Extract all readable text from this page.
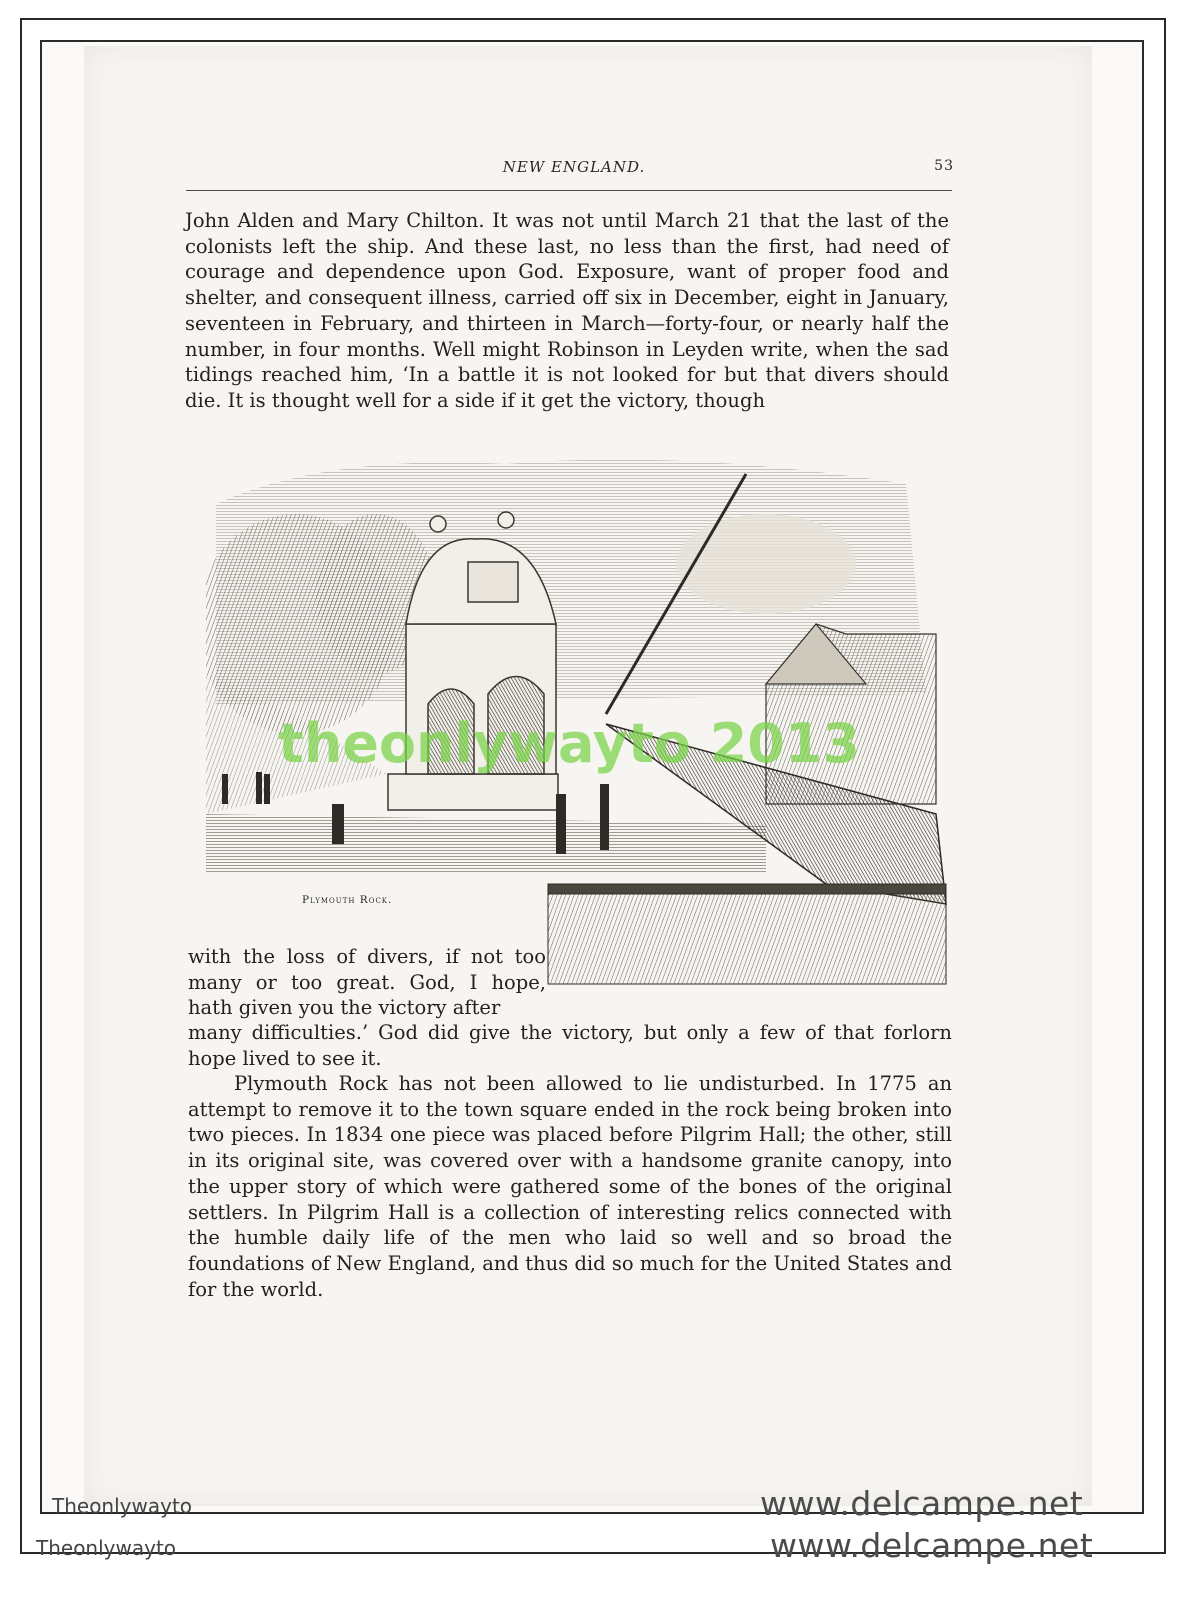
NEW ENGLAND.	53

John Alden and Mary Chilton. It was not until March 21 that the last of the colonists left the ship. And these last, no less than the first, had need of courage and dependence upon God. Exposure, want of proper food and shelter, and consequent illness, carried off six in December, eight in January, seventeen in February, and thirteen in March—forty-four, or nearly half the number, in four months. Well might Robinson in Leyden write, when the sad tidings reached him, ‘In a battle it is not looked for but that divers should die. It is thought well for a side if it get the victory, though

Plymouth Rock.
theonlywayto 2013

with the loss of divers, if not too many or too great. God, I hope, hath given you the victory after

many difficulties.’ God did give the victory, but only a few of that forlorn hope lived to see it.

Plymouth Rock has not been allowed to lie undisturbed. In 1775 an attempt to remove it to the town square ended in the rock being broken into two pieces. In 1834 one piece was placed before Pilgrim Hall; the other, still in its original site, was covered over with a handsome granite canopy, into the upper story of which were gathered some of the bones of the original settlers. In Pilgrim Hall is a collection of interesting relics connected with the humble daily life of the men who laid so well and so broad the foundations of New England, and thus did so much for the United States and for the world.

Theonlywayto	www.delcampe.net
Theonlywayto	www.delcampe.net
